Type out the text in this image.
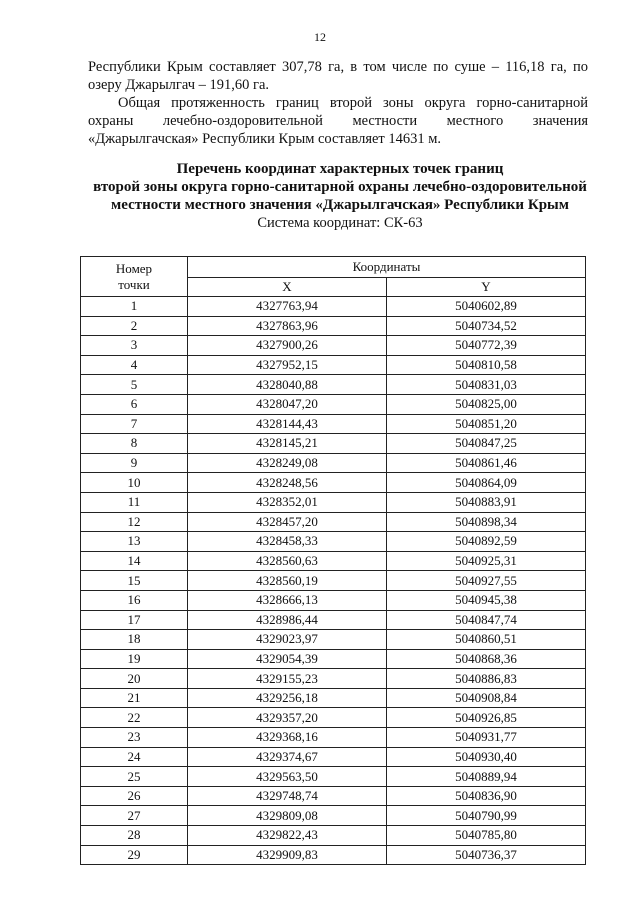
12

Республики Крым составляет 307,78 га, в том числе по суше – 116,18 га, по озеру Джарылгач – 191,60 га.

Общая протяженность границ второй зоны округа горно-санитарной охраны лечебно-оздоровительной местности местного значения «Джарылгачская» Республики Крым составляет 14631 м.

Перечень координат характерных точек границ
второй зоны округа горно-санитарной охраны лечебно-оздоровительной
местности местного значения «Джарылгачская» Республики Крым
Система координат: СК-63
Номер
точки	Координаты	
	X	Y
1	4327763,94	5040602,89
2	4327863,96	5040734,52
3	4327900,26	5040772,39
4	4327952,15	5040810,58
5	4328040,88	5040831,03
6	4328047,20	5040825,00
7	4328144,43	5040851,20
8	4328145,21	5040847,25
9	4328249,08	5040861,46
10	4328248,56	5040864,09
11	4328352,01	5040883,91
12	4328457,20	5040898,34
13	4328458,33	5040892,59
14	4328560,63	5040925,31
15	4328560,19	5040927,55
16	4328666,13	5040945,38
17	4328986,44	5040847,74
18	4329023,97	5040860,51
19	4329054,39	5040868,36
20	4329155,23	5040886,83
21	4329256,18	5040908,84
22	4329357,20	5040926,85
23	4329368,16	5040931,77
24	4329374,67	5040930,40
25	4329563,50	5040889,94
26	4329748,74	5040836,90
27	4329809,08	5040790,99
28	4329822,43	5040785,80
29	4329909,83	5040736,37
